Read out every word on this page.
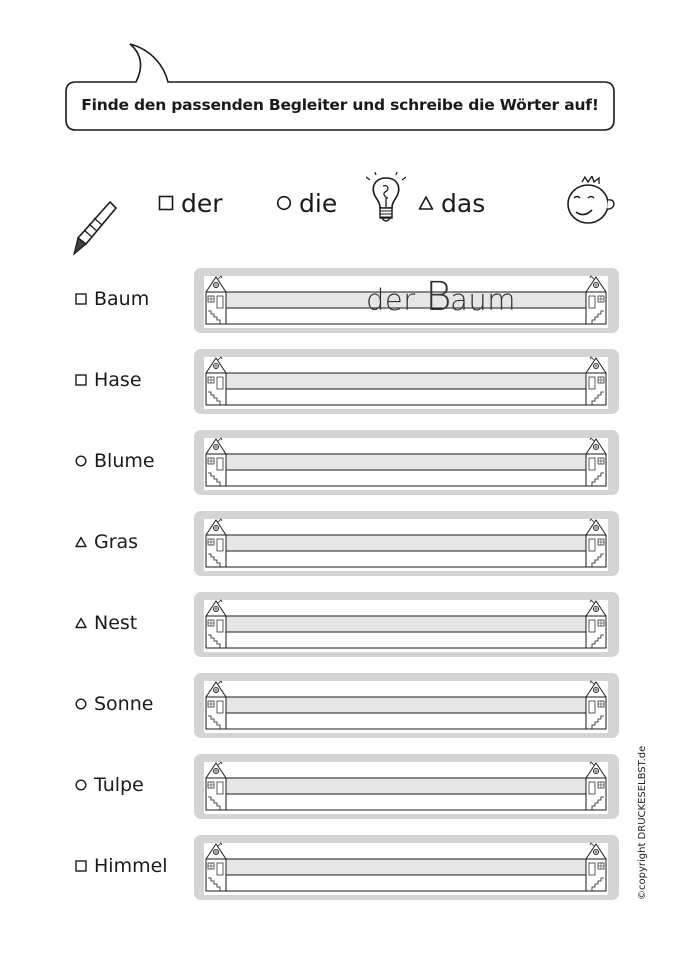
Finde den passenden Begleiter und schreibe die Wörter auf!
der	die	das
Baum	der Baum
Hase
Blume
Gras
Nest
Sonne
Tulpe
Himmel	©copyright DRUCKESELBST.de
